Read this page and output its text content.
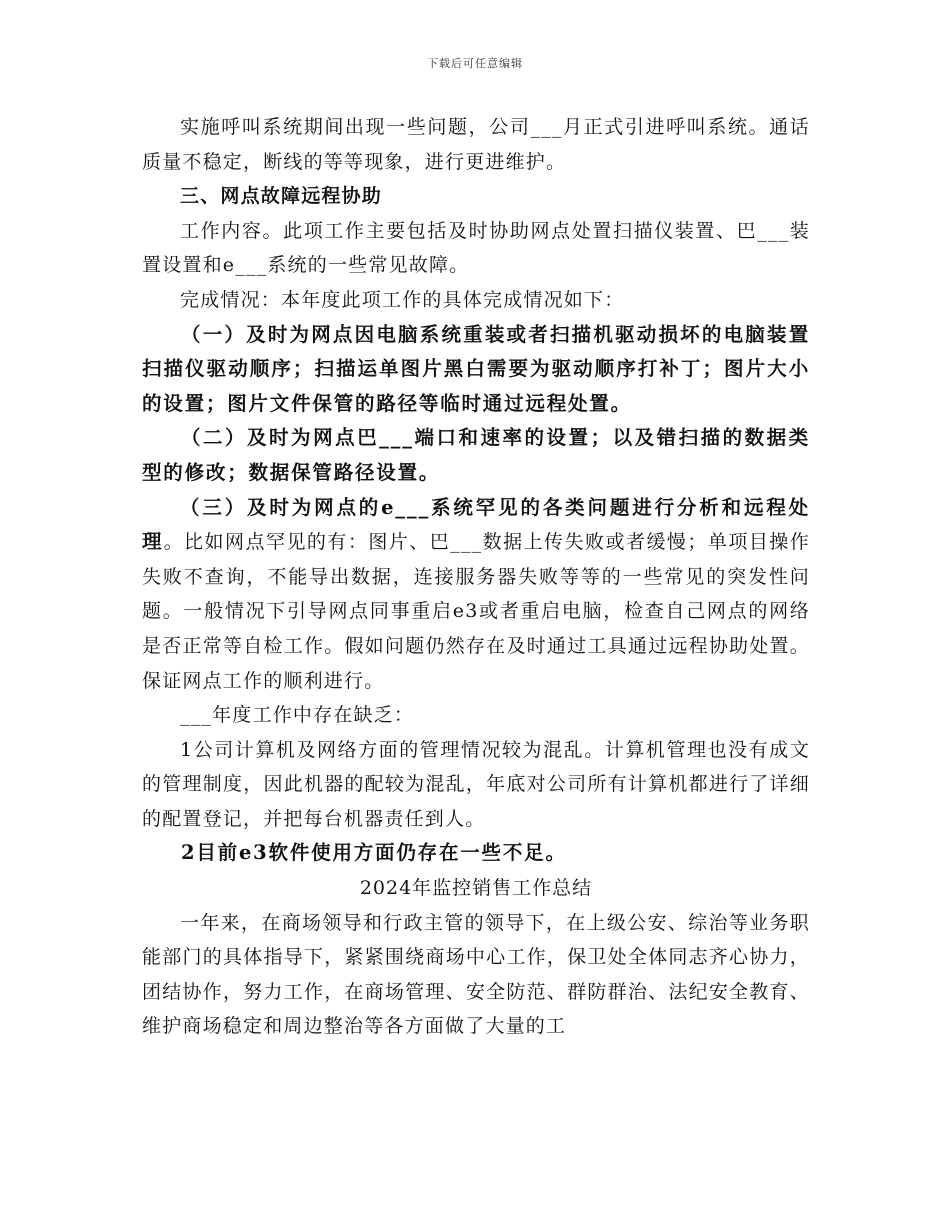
下载后可任意编辑

实施呼叫系统期间出现一些问题，公司___月正式引进呼叫系统。通话质量不稳定，断线的等等现象，进行更进维护。

三、网点故障远程协助

工作内容。此项工作主要包括及时协助网点处置扫描仪装置、巴___装置设置和e___系统的一些常见故障。

完成情况：本年度此项工作的具体完成情况如下：

（一）及时为网点因电脑系统重装或者扫描机驱动损坏的电脑装置扫描仪驱动顺序；扫描运单图片黑白需要为驱动顺序打补丁；图片大小的设置；图片文件保管的路径等临时通过远程处置。

（二）及时为网点巴___端口和速率的设置；以及错扫描的数据类型的修改；数据保管路径设置。

（三）及时为网点的e___系统罕见的各类问题进行分析和远程处理。比如网点罕见的有：图片、巴___数据上传失败或者缓慢；单项目操作失败不查询，不能导出数据，连接服务器失败等等的一些常见的突发性问题。一般情况下引导网点同事重启e3或者重启电脑，检查自己网点的网络是否正常等自检工作。假如问题仍然存在及时通过工具通过远程协助处置。保证网点工作的顺利进行。

___年度工作中存在缺乏：

1公司计算机及网络方面的管理情况较为混乱。计算机管理也没有成文的管理制度，因此机器的配较为混乱，年底对公司所有计算机都进行了详细的配置登记，并把每台机器责任到人。

2目前e3软件使用方面仍存在一些不足。

2024年监控销售工作总结

一年来，在商场领导和行政主管的领导下，在上级公安、综治等业务职能部门的具体指导下，紧紧围绕商场中心工作，保卫处全体同志齐心协力，团结协作，努力工作，在商场管理、安全防范、群防群治、法纪安全教育、维护商场稳定和周边整治等各方面做了大量的工
